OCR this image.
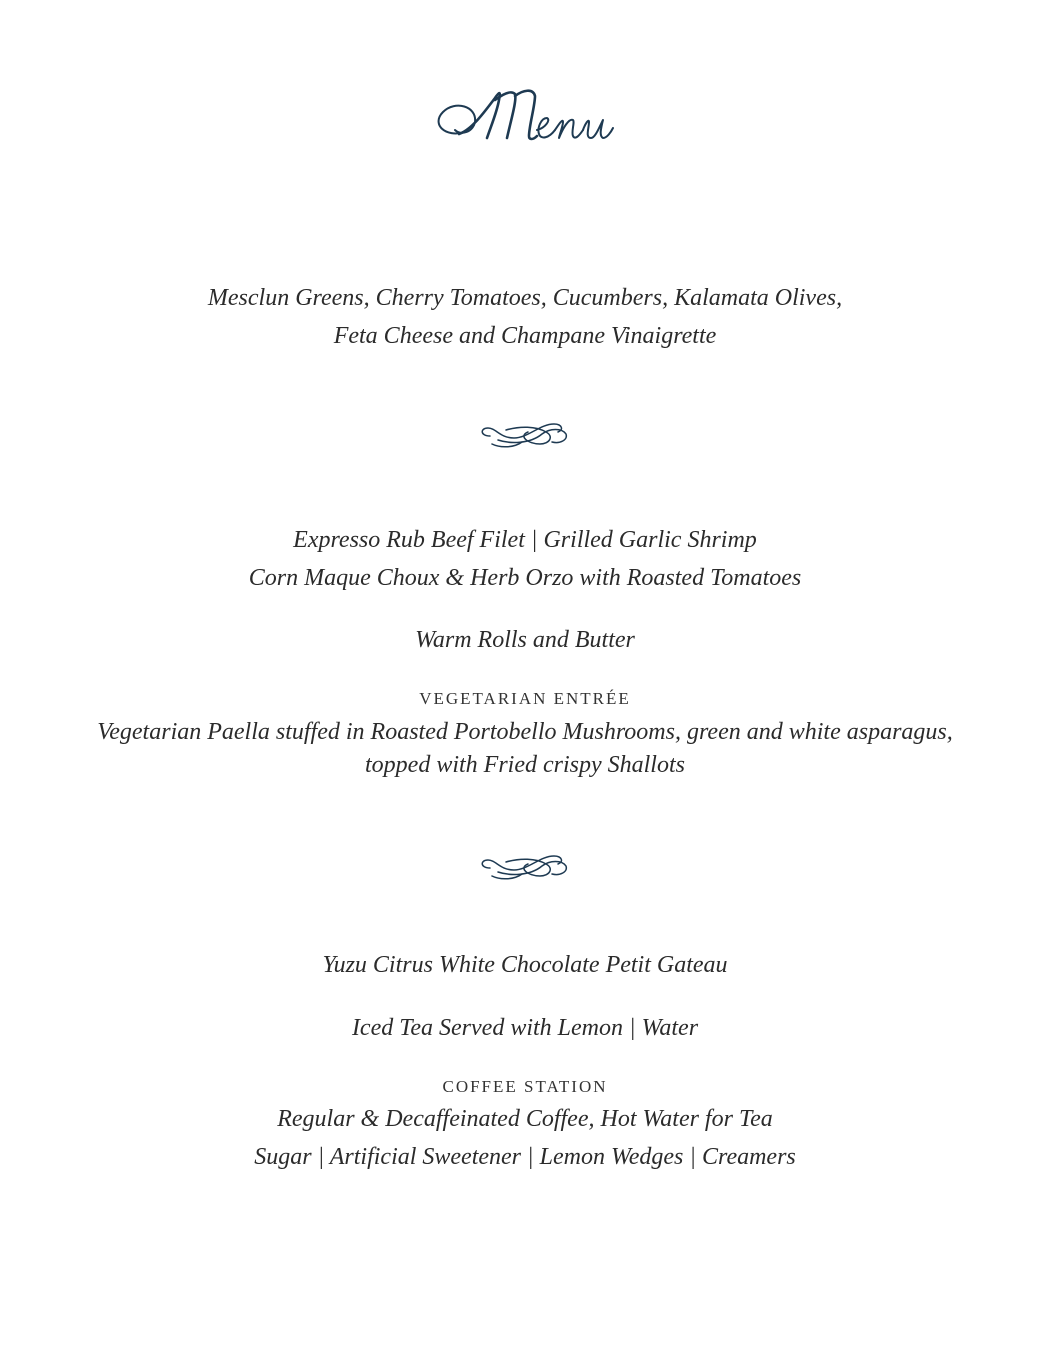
Mesclun Greens, Cherry Tomatoes, Cucumbers, Kalamata Olives,
Feta Cheese and Champane Vinaigrette
Expresso Rub Beef Filet | Grilled Garlic Shrimp
Corn Maque Choux & Herb Orzo with Roasted Tomatoes
Warm Rolls and Butter
VEGETARIAN ENTRÉE
Vegetarian Paella stuffed in Roasted Portobello Mushrooms, green and white asparagus,
topped with Fried crispy Shallots
Yuzu Citrus White Chocolate Petit Gateau
Iced Tea Served with Lemon | Water
COFFEE STATION
Regular & Decaffeinated Coffee, Hot Water for Tea
Sugar | Artificial Sweetener | Lemon Wedges | Creamers
